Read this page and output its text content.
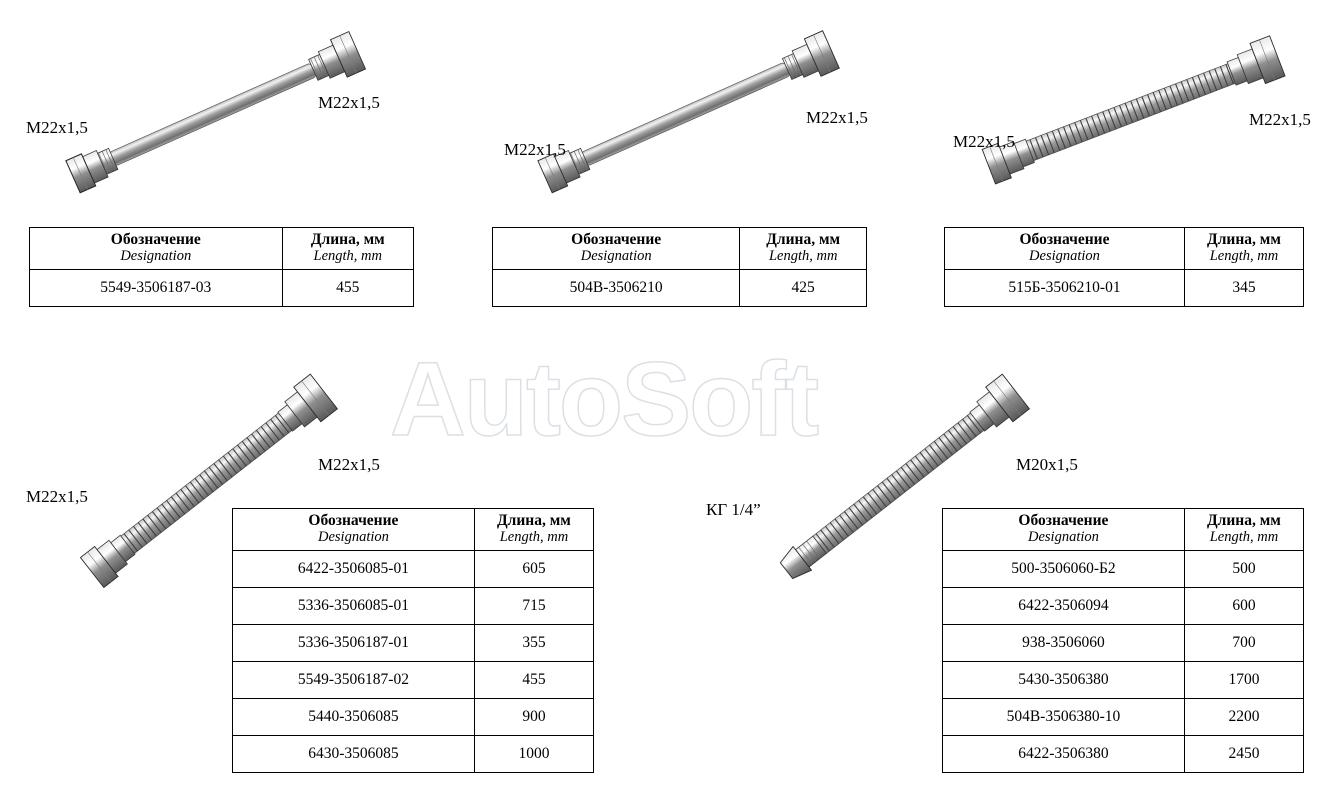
AutoSoft
M22x1,5
M22x1,5
Обозначение
Designation	Длина, мм
Length, mm

5549-3506187-03	455
M22x1,5
M22x1,5
Обозначение
Designation	Длина, мм
Length, mm

504В-3506210	425
M22x1,5
M22x1,5
Обозначение
Designation	Длина, мм
Length, mm

515Б-3506210-01	345
M22x1,5
M22x1,5
Обозначение
Designation	Длина, мм
Length, mm

6422-3506085-01	605
5336-3506085-01	715
5336-3506187-01	355
5549-3506187-02	455
5440-3506085	900
6430-3506085	1000
КГ 1/4”
M20x1,5
Обозначение
Designation	Длина, мм
Length, mm

500-3506060-Б2	500
6422-3506094	600
938-3506060	700
5430-3506380	1700
504В-3506380-10	2200
6422-3506380	2450
